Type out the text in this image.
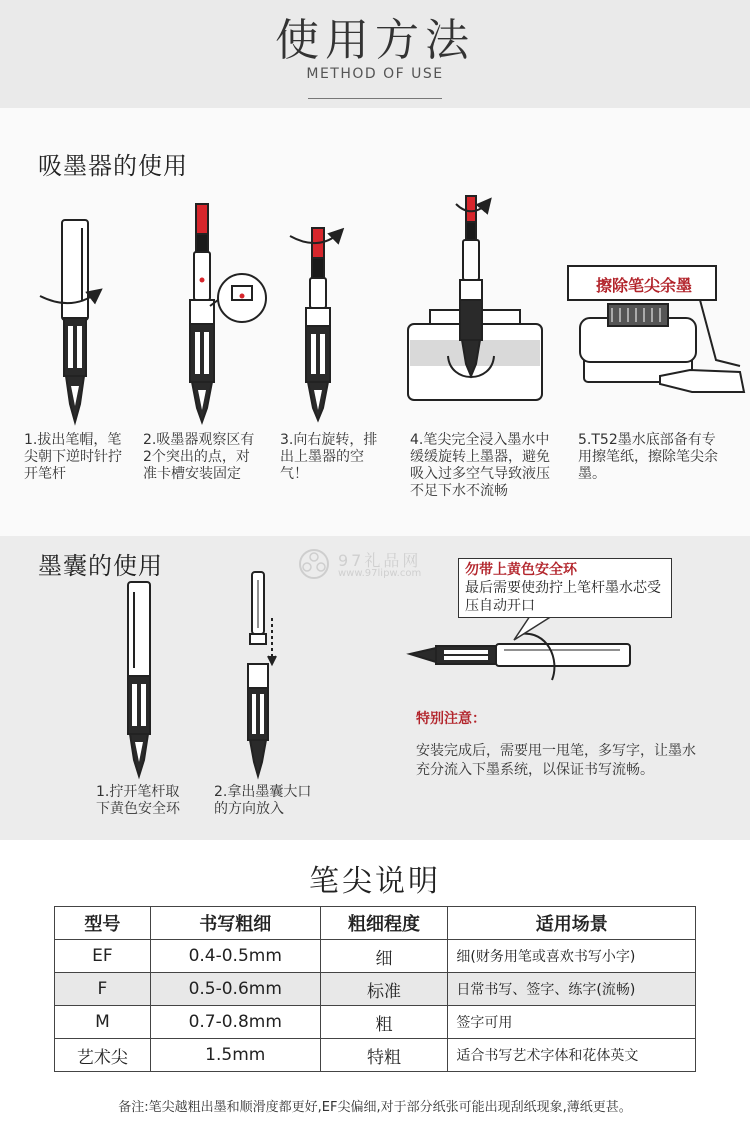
使用方法
METHOD OF USE
吸墨器的使用
擦除笔尖余墨
1.拔出笔帽，笔尖朝下逆时针拧开笔杆
2.吸墨器观察区有2个突出的点，对准卡槽安装固定
3.向右旋转，排出上墨器的空气！
4.笔尖完全浸入墨水中缓缓旋转上墨器，避免吸入过多空气导致液压不足下水不流畅
5.T52墨水底部备有专用擦笔纸，擦除笔尖余墨。
墨囊的使用	97礼品网
www.97lipw.com	勿带上黄色安全环
最后需要使劲拧上笔杆墨水芯受压自动开口
1.拧开笔杆取下黄色安全环
2.拿出墨囊大口的方向放入
特别注意：
安装完成后，需要甩一甩笔，多写字，让墨水充分流入下墨系统，以保证书写流畅。
笔尖说明
型号	书写粗细	粗细程度	适用场景
EF	0.4-0.5mm	细	细(财务用笔或喜欢书写小字)
F	0.5-0.6mm	标准	日常书写、签字、练字(流畅)
M	0.7-0.8mm	粗	签字可用
艺术尖	1.5mm	特粗	适合书写艺术字体和花体英文
备注:笔尖越粗出墨和顺滑度都更好,EF尖偏细,对于部分纸张可能出现刮纸现象,薄纸更甚。
